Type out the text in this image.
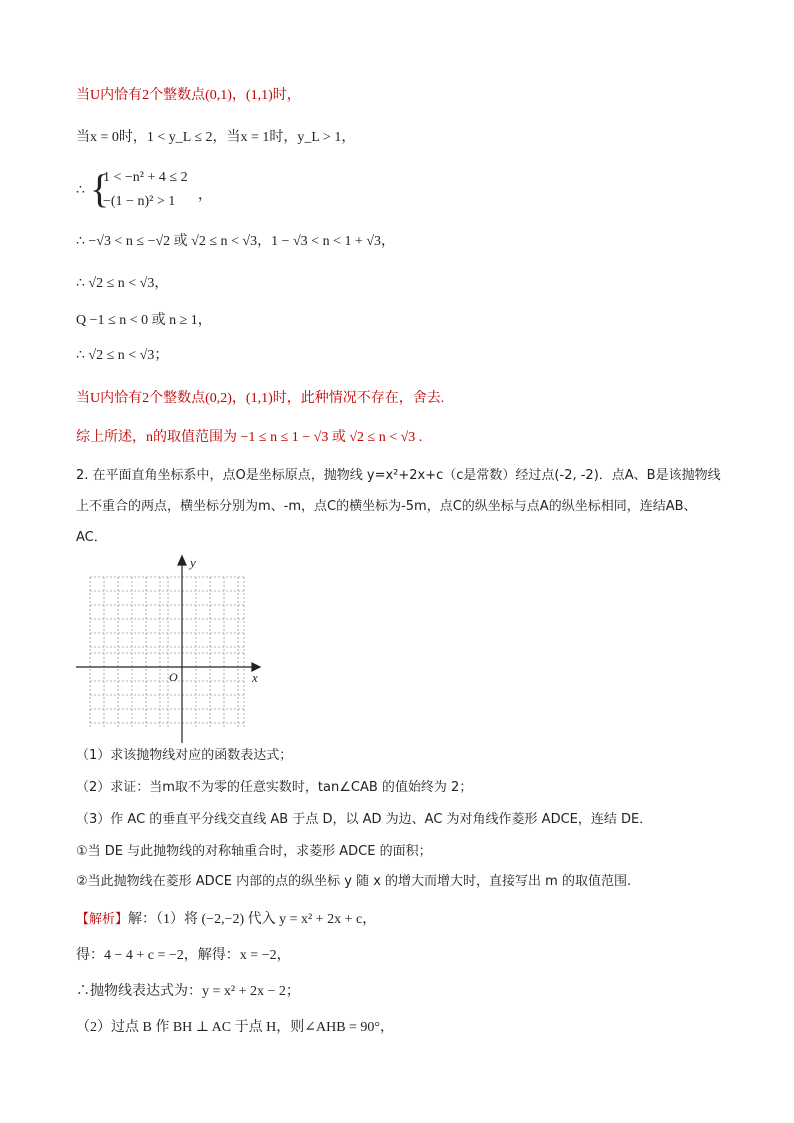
当U内恰有2个整数点(0,1)，(1,1)时，
当x = 0时，1 < y_L ≤ 2，当x = 1时，y_L > 1，
∴ {
1 < −n² + 4 ≤ 2
−(1 − n)² > 1 ，
∴ −√3 < n ≤ −√2 或 √2 ≤ n < √3，1 − √3 < n < 1 + √3，
∴ √2 ≤ n < √3，
Q −1 ≤ n < 0 或 n ≥ 1，
∴ √2 ≤ n < √3；
当U内恰有2个整数点(0,2)，(1,1)时，此种情况不存在，舍去.
综上所述，n的取值范围为 −1 ≤ n ≤ 1 − √3 或 √2 ≤ n < √3 .
2. 在平面直角坐标系中，点O是坐标原点，抛物线 y=x²+2x+c（c是常数）经过点(-2, -2)．点A、B是该抛物线上不重合的两点，横坐标分别为m、-m，点C的横坐标为-5m，点C的纵坐标与点A的纵坐标相同，连结AB、AC．
y
x
O
（1）求该抛物线对应的函数表达式；
（2）求证：当m取不为零的任意实数时，tan∠CAB 的值始终为 2；
（3）作 AC 的垂直平分线交直线 AB 于点 D，以 AD 为边、AC 为对角线作菱形 ADCE，连结 DE．
①当 DE 与此抛物线的对称轴重合时，求菱形 ADCE 的面积；
②当此抛物线在菱形 ADCE 内部的点的纵坐标 y 随 x 的增大而增大时，直接写出 m 的取值范围.
【解析】解：（1）将 (−2,−2) 代入 y = x² + 2x + c，
得：4 − 4 + c = −2，解得：x = −2，
∴抛物线表达式为：y = x² + 2x − 2；
（2）过点 B 作 BH ⊥ AC 于点 H，则∠AHB = 90°，
